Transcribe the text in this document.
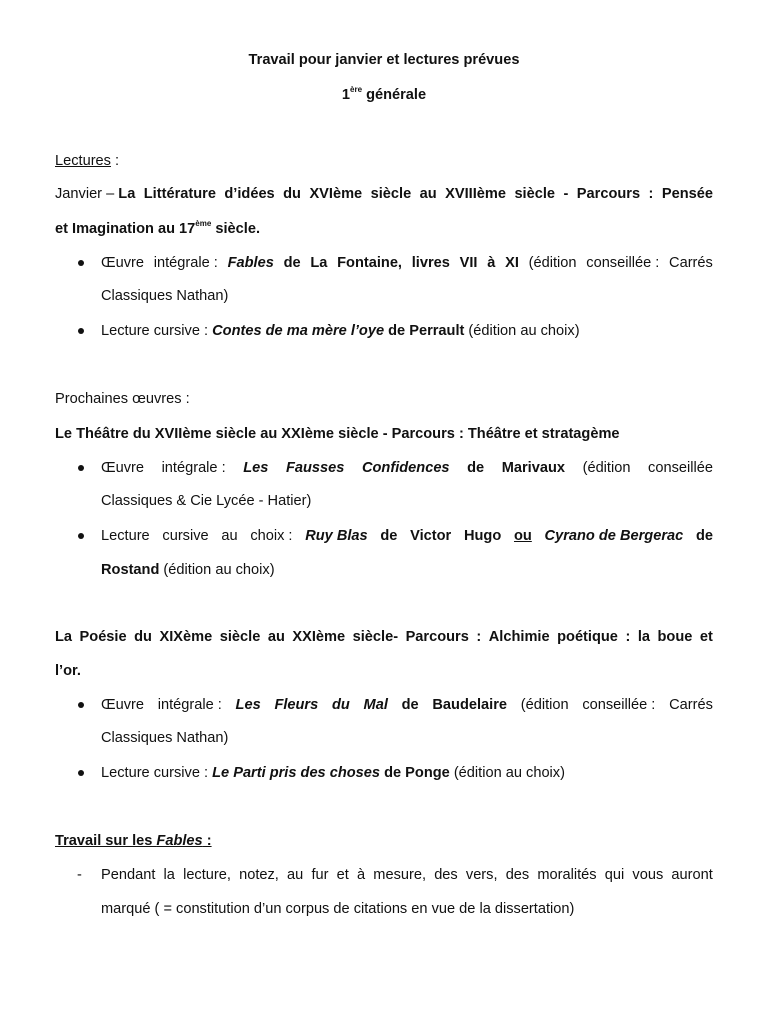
Travail pour janvier et lectures prévues
1ère générale
Lectures :
Janvier – La Littérature d’idées du XVIème siècle au XVIIIème siècle - Parcours : Pensée
et Imagination au 17ème siècle.
Œuvre intégrale : Fables de La Fontaine, livres VII à XI (édition conseillée : Carrés
Classiques Nathan)
Lecture cursive : Contes de ma mère l’oye de Perrault (édition au choix)
Prochaines œuvres :
Le Théâtre du XVIIème siècle au XXIème siècle - Parcours : Théâtre et stratagème
Œuvre intégrale : Les Fausses Confidences de Marivaux (édition conseillée
Classiques & Cie Lycée - Hatier)
Lecture cursive au choix : Ruy Blas de Victor Hugo ou Cyrano de Bergerac de
Rostand (édition au choix)
La Poésie du XIXème siècle au XXIème siècle- Parcours : Alchimie poétique : la boue et
l’or.
Œuvre intégrale : Les Fleurs du Mal de Baudelaire (édition conseillée : Carrés
Classiques Nathan)
Lecture cursive : Le Parti pris des choses de Ponge (édition au choix)
Travail sur les Fables :
- Pendant la lecture, notez, au fur et à mesure, des vers, des moralités qui vous auront
marqué ( = constitution d’un corpus de citations en vue de la dissertation)
